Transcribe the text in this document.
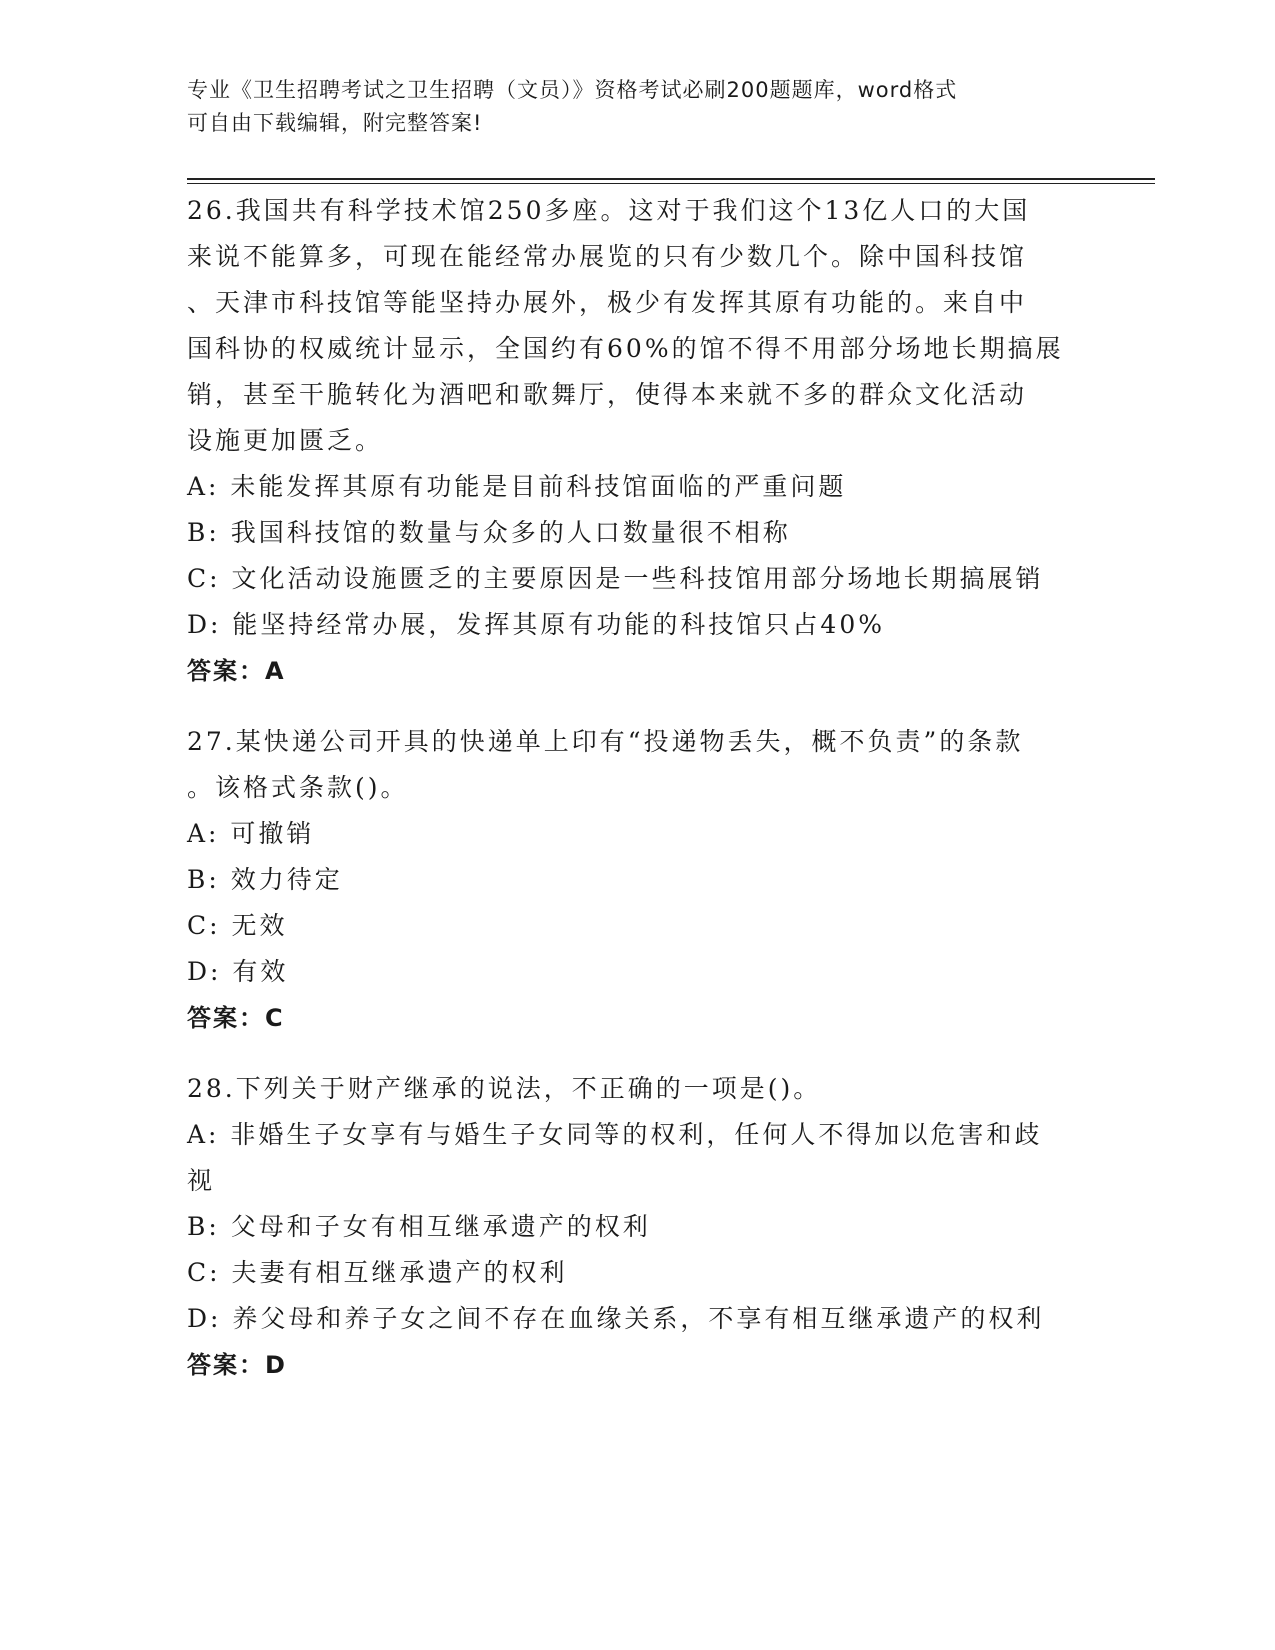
专业《卫生招聘考试之卫生招聘（文员）》资格考试必刷200题题库，word格式
可自由下载编辑，附完整答案!
26.我国共有科学技术馆250多座。这对于我们这个13亿人口的大国
来说不能算多，可现在能经常办展览的只有少数几个。除中国科技馆
、天津市科技馆等能坚持办展外，极少有发挥其原有功能的。来自中
国科协的权威统计显示，全国约有60%的馆不得不用部分场地长期搞展
销，甚至干脆转化为酒吧和歌舞厅，使得本来就不多的群众文化活动
设施更加匮乏。
A: 未能发挥其原有功能是目前科技馆面临的严重问题
B: 我国科技馆的数量与众多的人口数量很不相称
C: 文化活动设施匮乏的主要原因是一些科技馆用部分场地长期搞展销
D: 能坚持经常办展，发挥其原有功能的科技馆只占40%
答案：A
27.某快递公司开具的快递单上印有“投递物丢失，概不负责”的条款
。该格式条款()。
A: 可撤销
B: 效力待定
C: 无效
D: 有效
答案：C
28.下列关于财产继承的说法，不正确的一项是()。
A: 非婚生子女享有与婚生子女同等的权利，任何人不得加以危害和歧
视
B: 父母和子女有相互继承遗产的权利
C: 夫妻有相互继承遗产的权利
D: 养父母和养子女之间不存在血缘关系，不享有相互继承遗产的权利
答案：D
